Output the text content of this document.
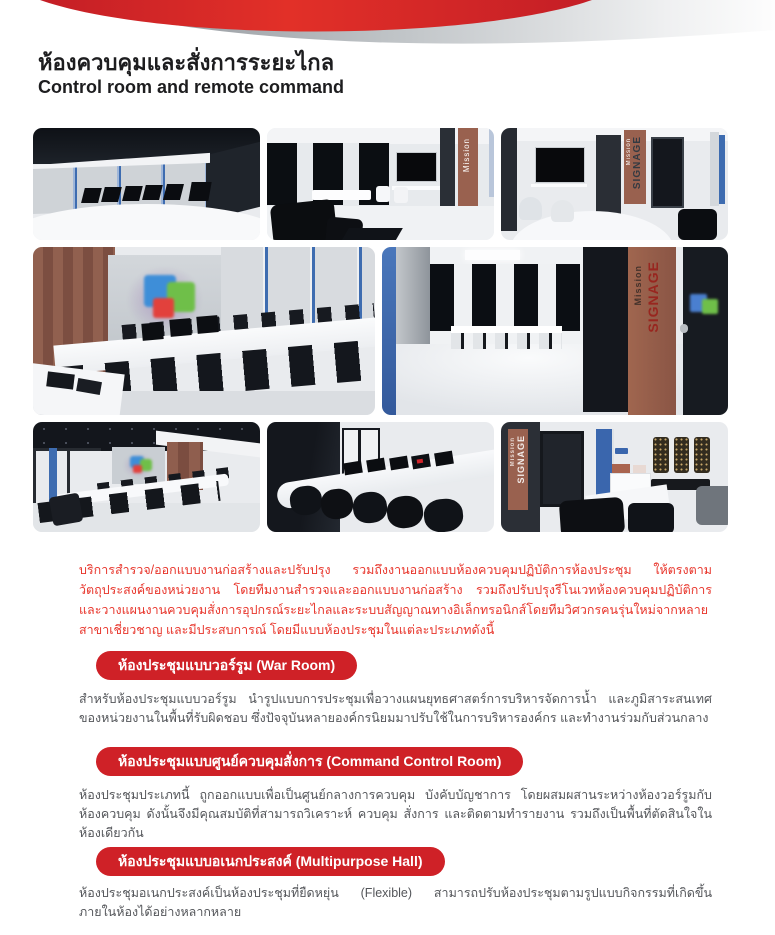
ห้องควบคุมและสั่งการระยะไกล
Control room and remote command
Mission	Mission SIGNAGE
Mission SIGNAGE
Mission SIGNAGE
บริการสำรวจ/ออกแบบงานก่อสร้างและปรับปรุง รวมถึงงานออกแบบห้องควบคุมปฏิบัติการห้องประชุม ให้ตรงตามวัตถุประสงค์ของหน่วยงาน โดยทีมงานสำรวจและออกแบบงานก่อสร้าง รวมถึงปรับปรุงรีโนเวทห้องควบคุมปฏิบัติการและวางแผนงานควบคุมสั่งการอุปกรณ์ระยะไกลและระบบสัญญาณทางอิเล็กทรอนิกส์โดยทีมวิศวกรคนรุ่นใหม่จากหลายสาขาเชี่ยวชาญ และมีประสบการณ์ โดยมีแบบห้องประชุมในแต่ละประเภทดังนี้
ห้องประชุมแบบวอร์รูม (War Room)
สำหรับห้องประชุมแบบวอร์รูม นำรูปแบบการประชุมเพื่อวางแผนยุทธศาสตร์การบริหารจัดการน้ำ และภูมิสาระสนเทศของหน่วยงานในพื้นที่รับผิดชอบ ซึ่งปัจจุบันหลายองค์กรนิยมมาปรับใช้ในการบริหารองค์กร และทำงานร่วมกับส่วนกลาง
ห้องประชุมแบบศูนย์ควบคุมสั่งการ (Command Control Room)
ห้องประชุมประเภทนี้ ถูกออกแบบเพื่อเป็นศูนย์กลางการควบคุม บังคับบัญชาการ โดยผสมผสานระหว่างห้องวอร์รูมกับห้องควบคุม ดังนั้นจึงมีคุณสมบัติที่สามารถวิเคราะห์ ควบคุม สั่งการ และติดตามทำรายงาน รวมถึงเป็นพื้นที่ตัดสินใจในห้องเดียวกัน
ห้องประชุมแบบอเนกประสงค์ (Multipurpose Hall)
ห้องประชุมอเนกประสงค์เป็นห้องประชุมที่ยืดหยุ่น (Flexible) สามารถปรับห้องประชุมตามรูปแบบกิจกรรมที่เกิดขึ้นภายในห้องได้อย่างหลากหลาย
